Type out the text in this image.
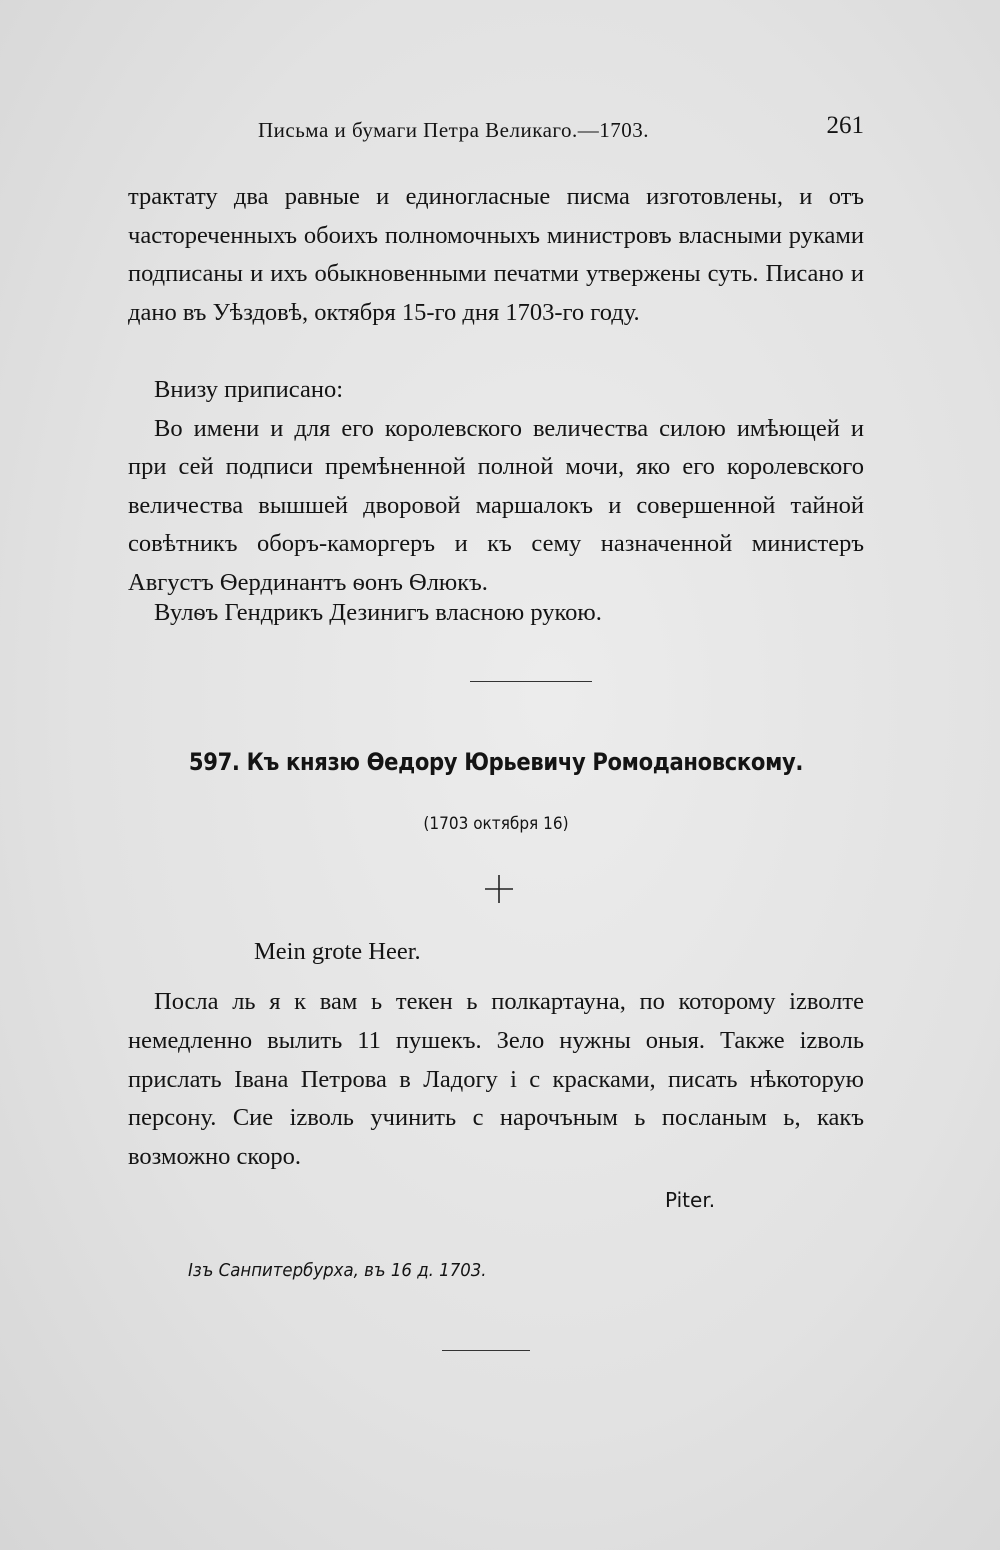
Письма и бумаги Петра Великаго.—1703.	261

трактату два равные и единогласные писма изготовлены, и отъ частореченныхъ обоихъ полномочныхъ министровъ власными руками подписаны и ихъ обыкновенными печатми утвержены суть. Писано и дано въ Уѣздовѣ, октября 15-го дня 1703-го году.

Внизу приписано:

Во имени и для его королевского величества силою имѣющей и при сей подписи премѣненной полной мочи, яко его королевского величества вышшей дворовой маршалокъ и совершенной тайной совѣтникъ оборъ-каморгеръ и къ сему назначенной министеръ Августъ Ѳердинантъ ѳонъ Ѳлюкъ.

Вулѳъ Гендрикъ Дезинигъ власною рукою.

597. Къ князю Ѳедору Юрьевичу Ромодановскому.
(1703 октября 16)
Mein grote Heer.

Посла ль я к вам ь текен ь полкартауна, по которому іzволте немедленно вылить 11 пушекъ. Зело нужны оныя. Также іzволь прислать Івана Петрова в Ладогу і с красками, писать нѣкоторую персону. Сие іzволь учинить с нарочъным ь посланым ь, какъ возможно скоро.

Piter.
Ізъ Санпитербурха, въ 16 д. 1703.
